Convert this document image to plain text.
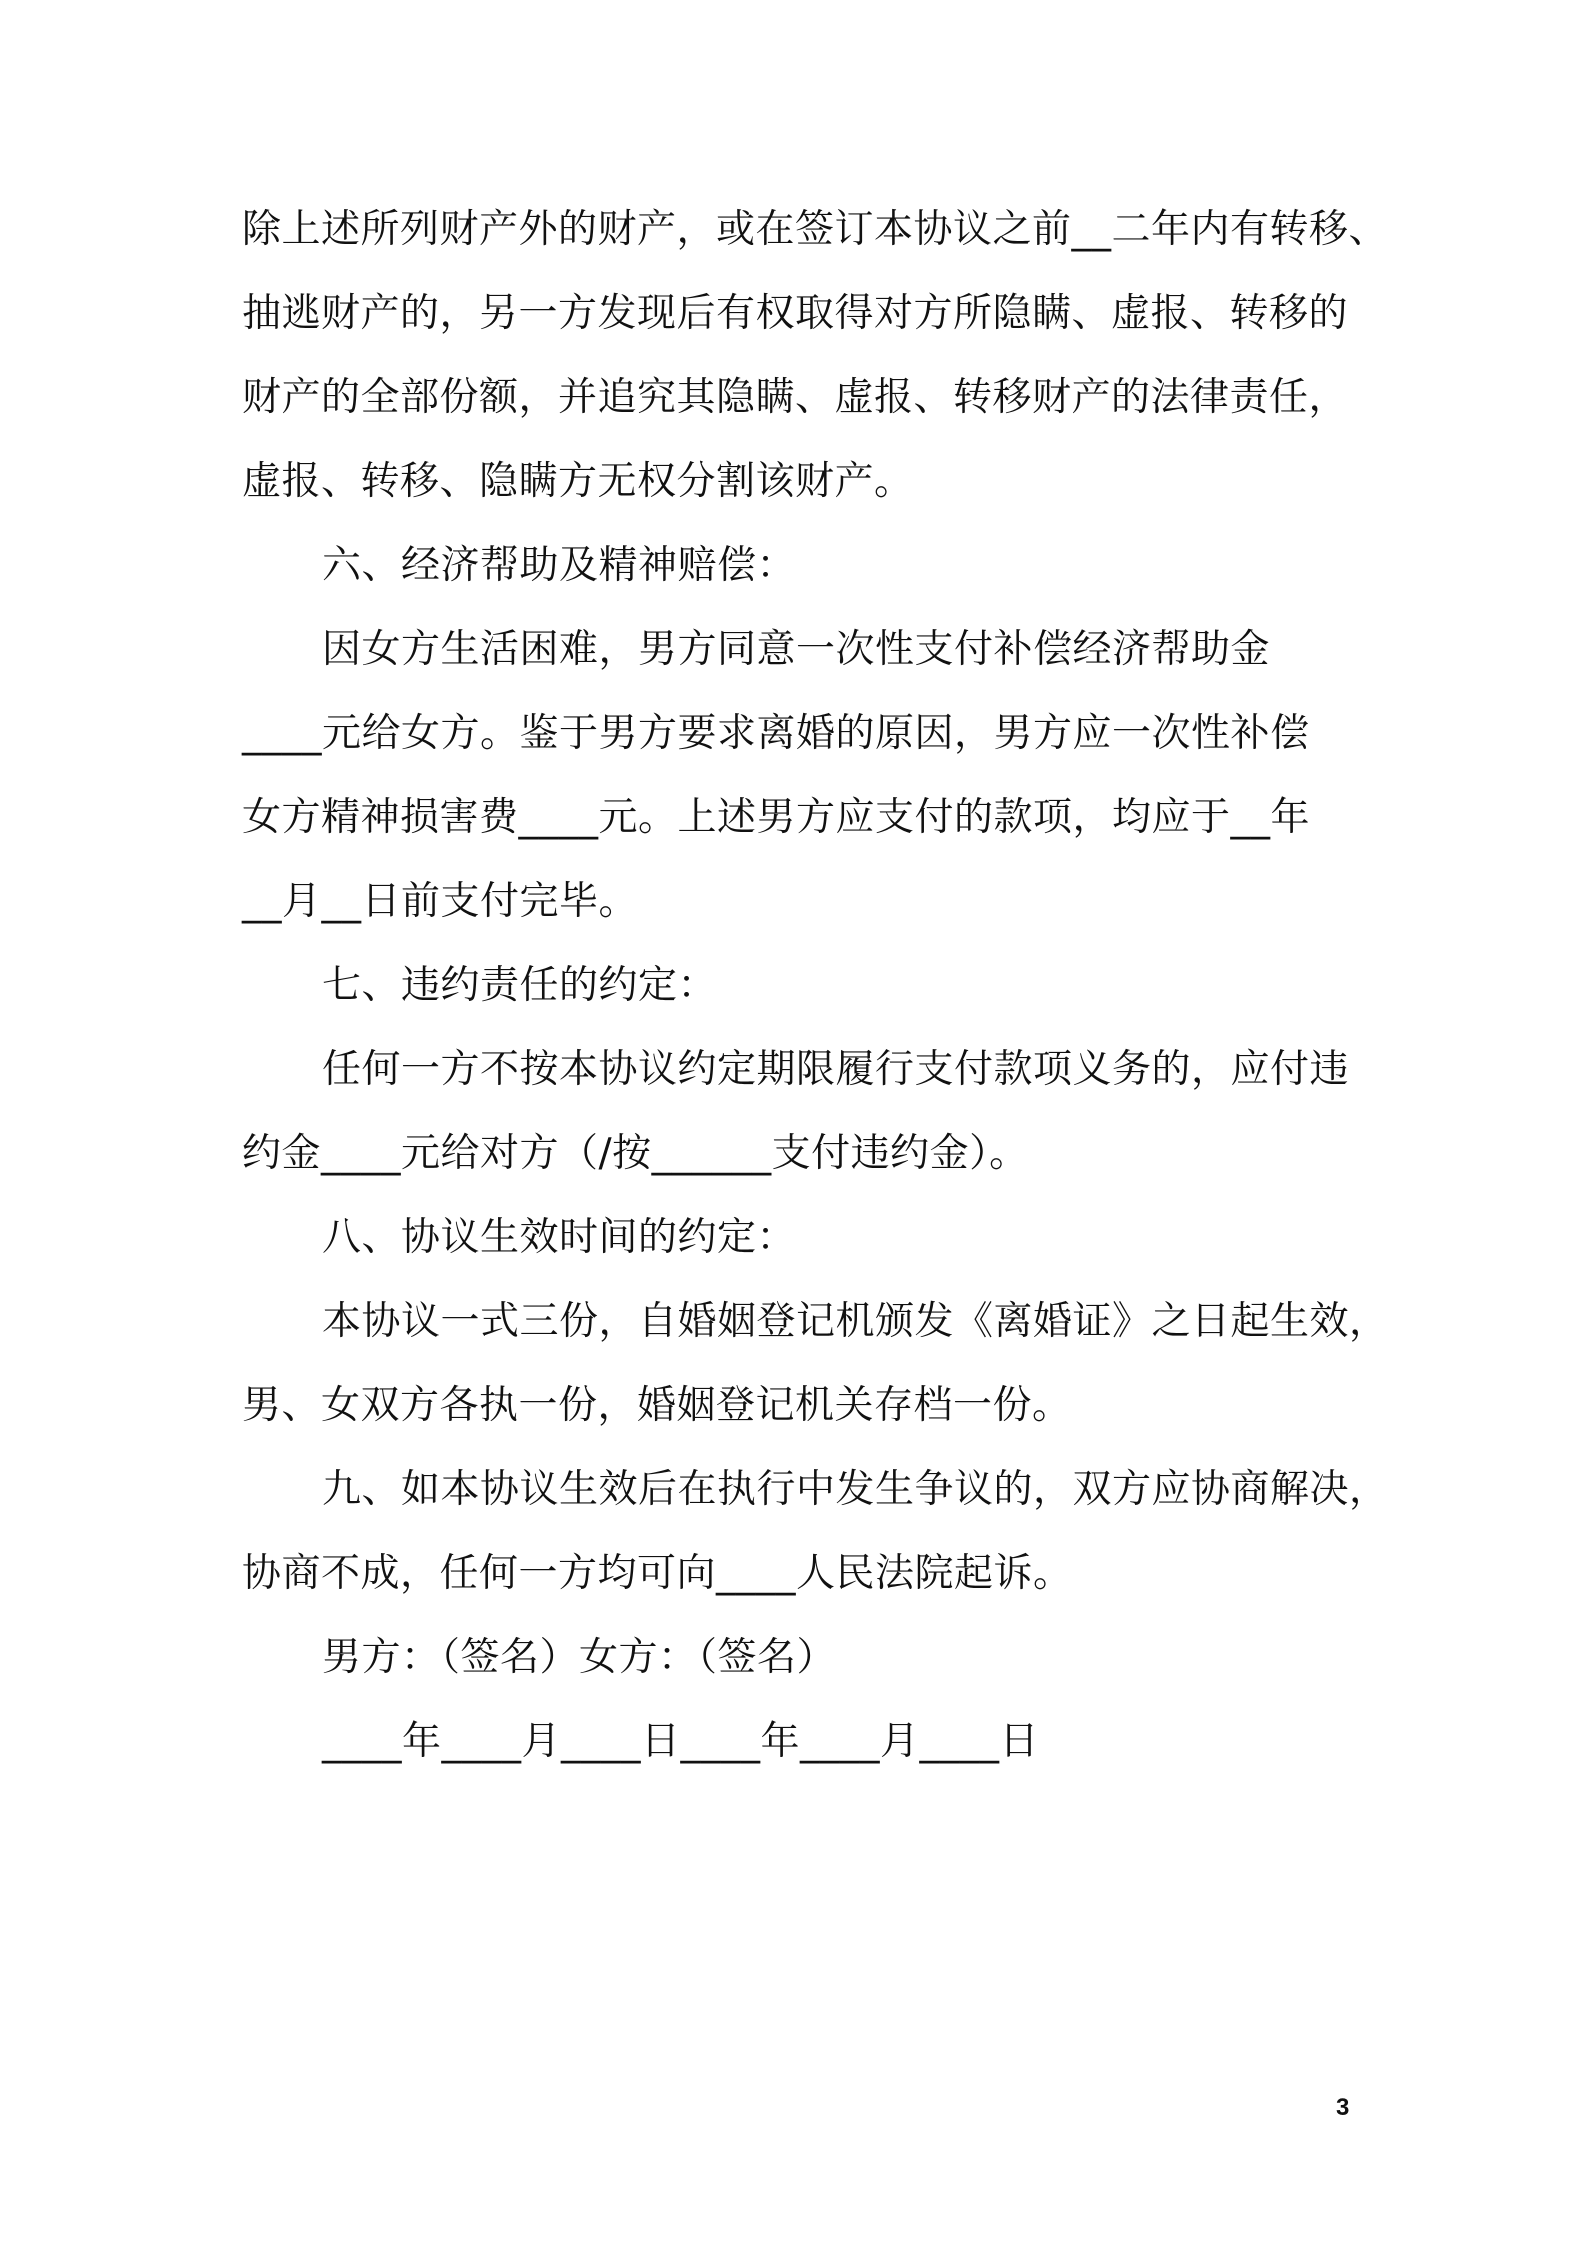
除上述所列财产外的财产，或在签订本协议之前__二年内有转移、
抽逃财产的，另一方发现后有权取得对方所隐瞒、虚报、转移的
财产的全部份额，并追究其隐瞒、虚报、转移财产的法律责任，
虚报、转移、隐瞒方无权分割该财产。
六、经济帮助及精神赔偿：
因女方生活困难，男方同意一次性支付补偿经济帮助金
____元给女方。鉴于男方要求离婚的原因，男方应一次性补偿
女方精神损害费____元。上述男方应支付的款项，均应于__年
__月__日前支付完毕。
七、违约责任的约定：
任何一方不按本协议约定期限履行支付款项义务的，应付违
约金____元给对方（/按______支付违约金）。
八、协议生效时间的约定：
本协议一式三份，自婚姻登记机颁发《离婚证》之日起生效，
男、女双方各执一份，婚姻登记机关存档一份。
九、如本协议生效后在执行中发生争议的，双方应协商解决，
协商不成，任何一方均可向____人民法院起诉。
男方：（签名）女方：（签名）
____年____月____日____年____月____日
3
